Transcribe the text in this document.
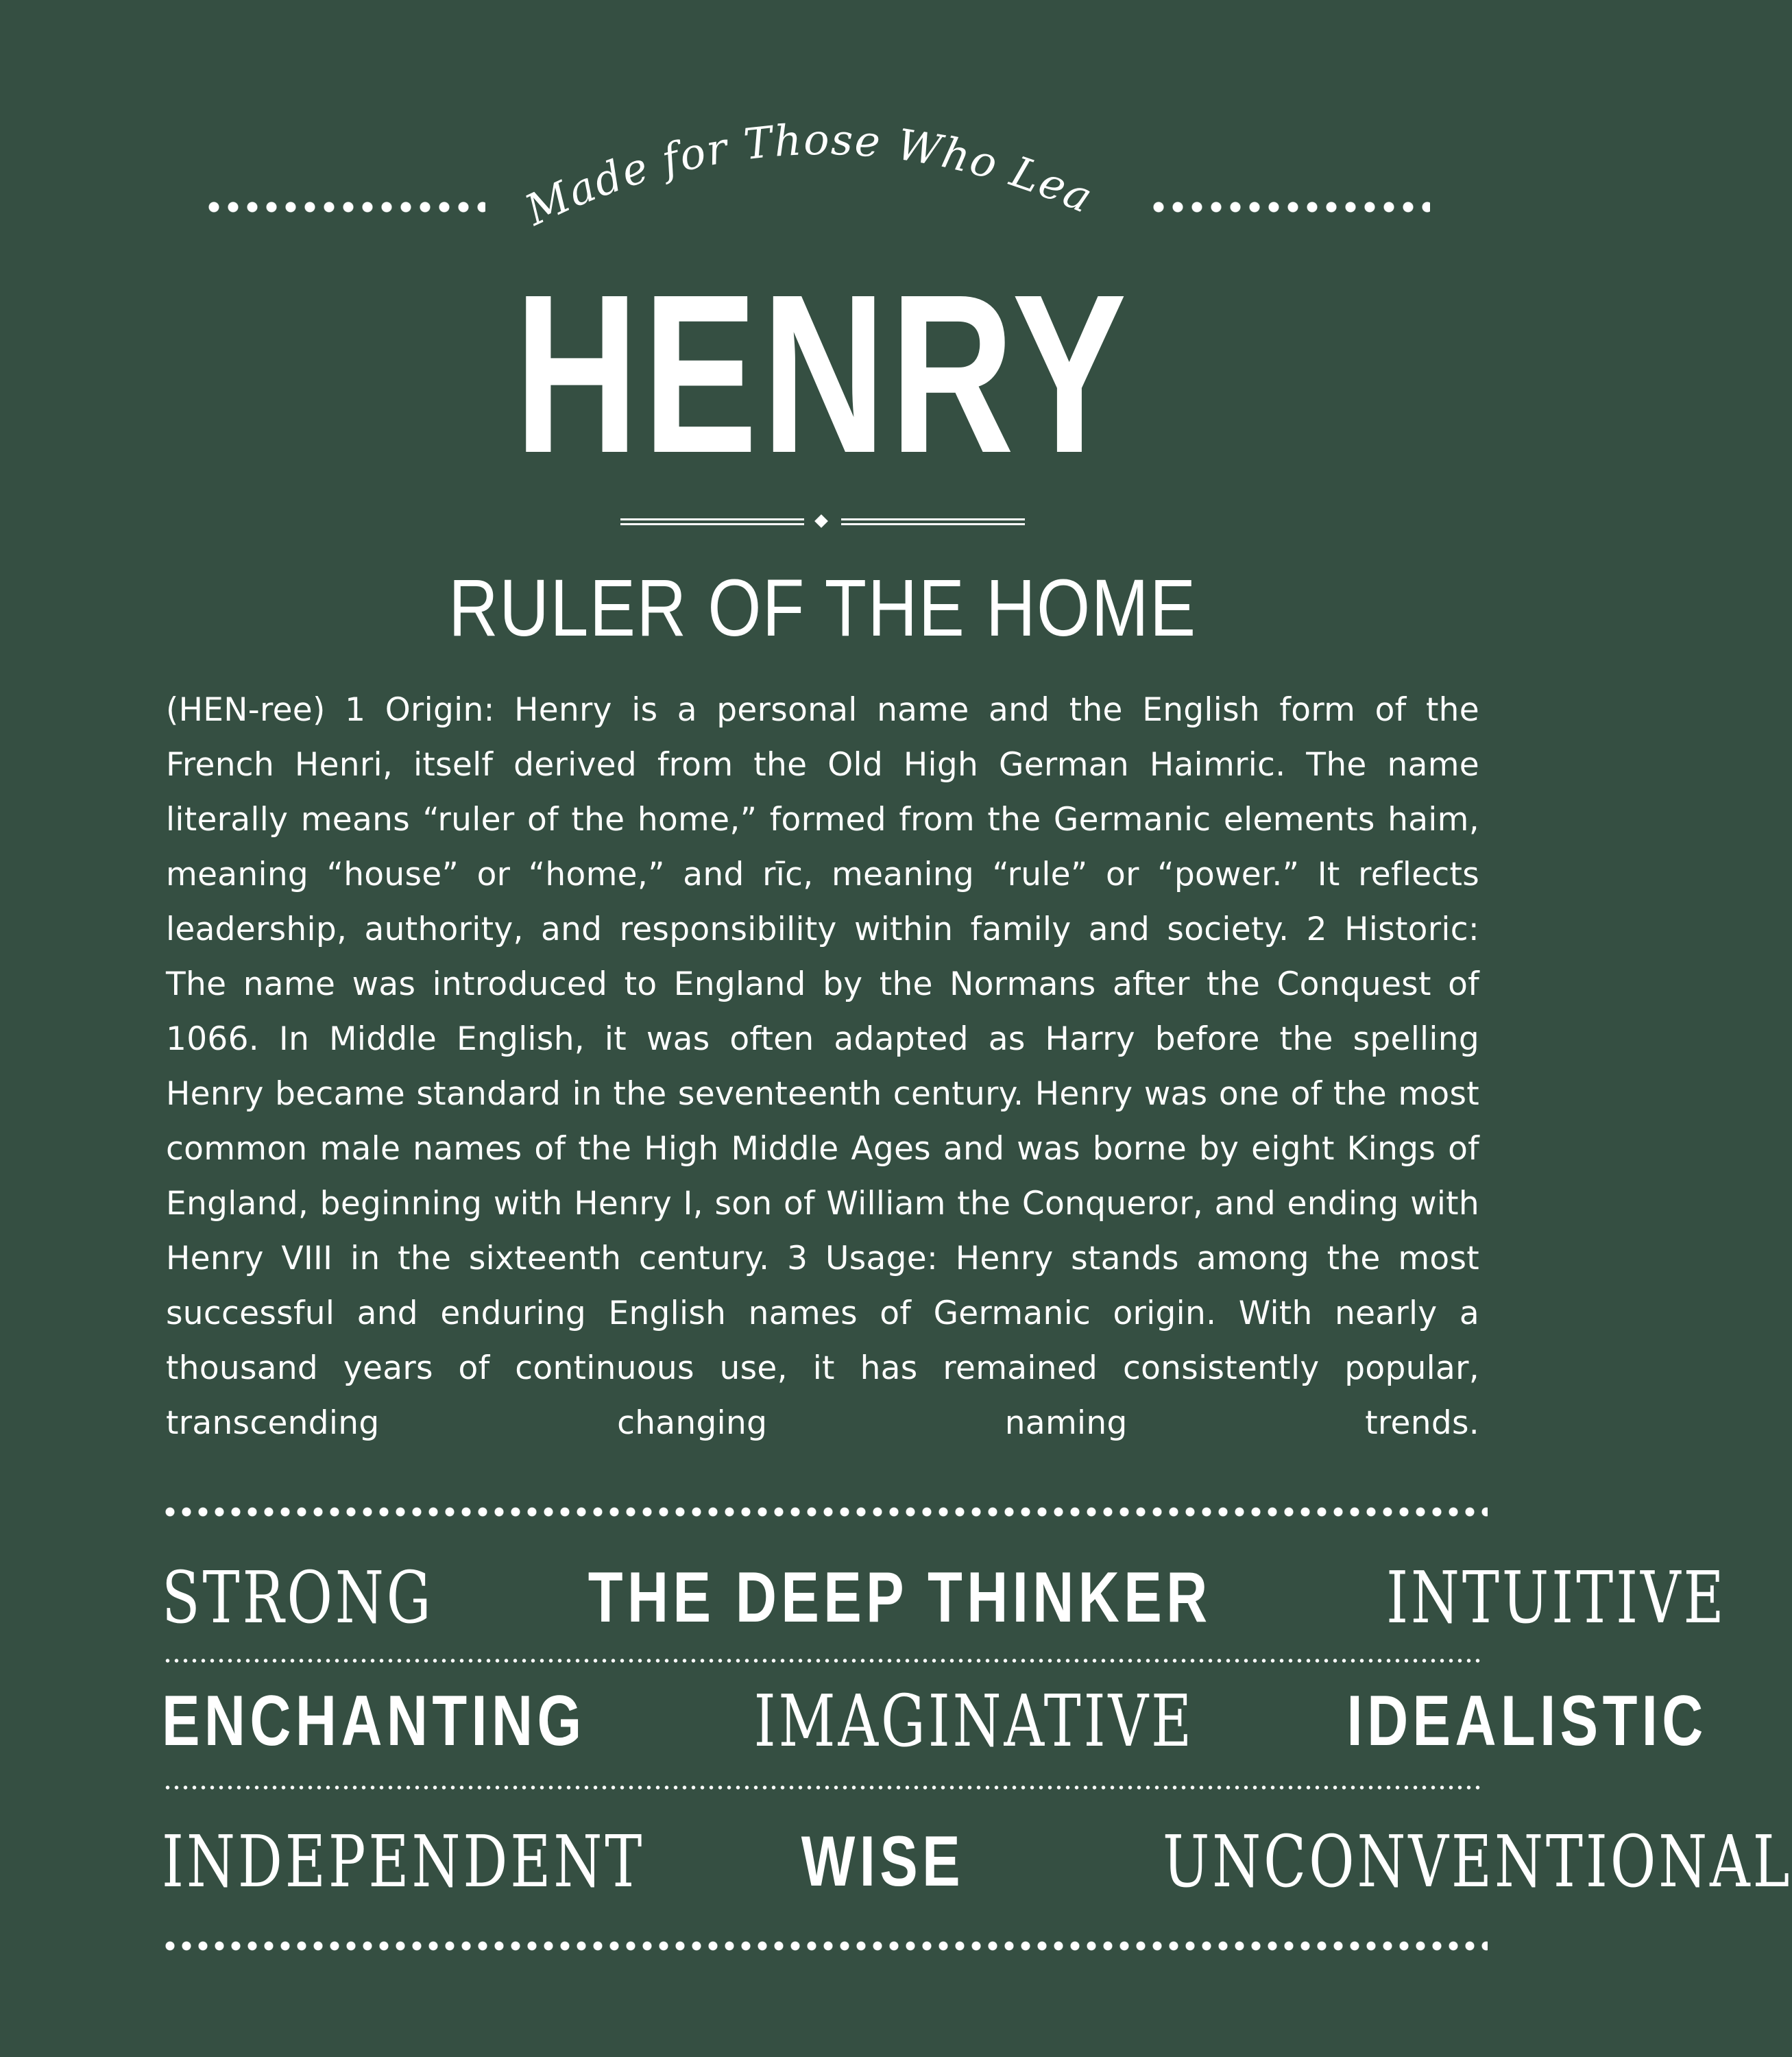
Made for Those Who Lead
HENRY
RULER OF THE HOME

(HEN-ree) 1 Origin: Henry is a personal name and the English form of the French Henri, itself derived from the Old High German Haimric. The name literally means “ruler of the home,” formed from the Germanic elements haim, meaning “house” or “home,” and rīc, meaning “rule” or “power.” It reflects leadership, authority, and responsibility within family and society. 2 Historic: The name was introduced to England by the Normans after the Conquest of 1066. In Middle English, it was often adapted as Harry before the spelling Henry became standard in the seventeenth century. Henry was one of the most common male names of the High Middle Ages and was borne by eight Kings of England, beginning with Henry I, son of William the Conqueror, and ending with Henry VIII in the sixteenth century. 3 Usage: Henry stands among the most successful and enduring English names of Germanic origin. With nearly a thousand years of continuous use, it has remained consistently popular, transcending changing naming trends.

STRONG THE DEEP THINKER INTUITIVE
ENCHANTING IMAGINATIVE IDEALISTIC
INDEPENDENT WISE	UNCONVENTIONAL
